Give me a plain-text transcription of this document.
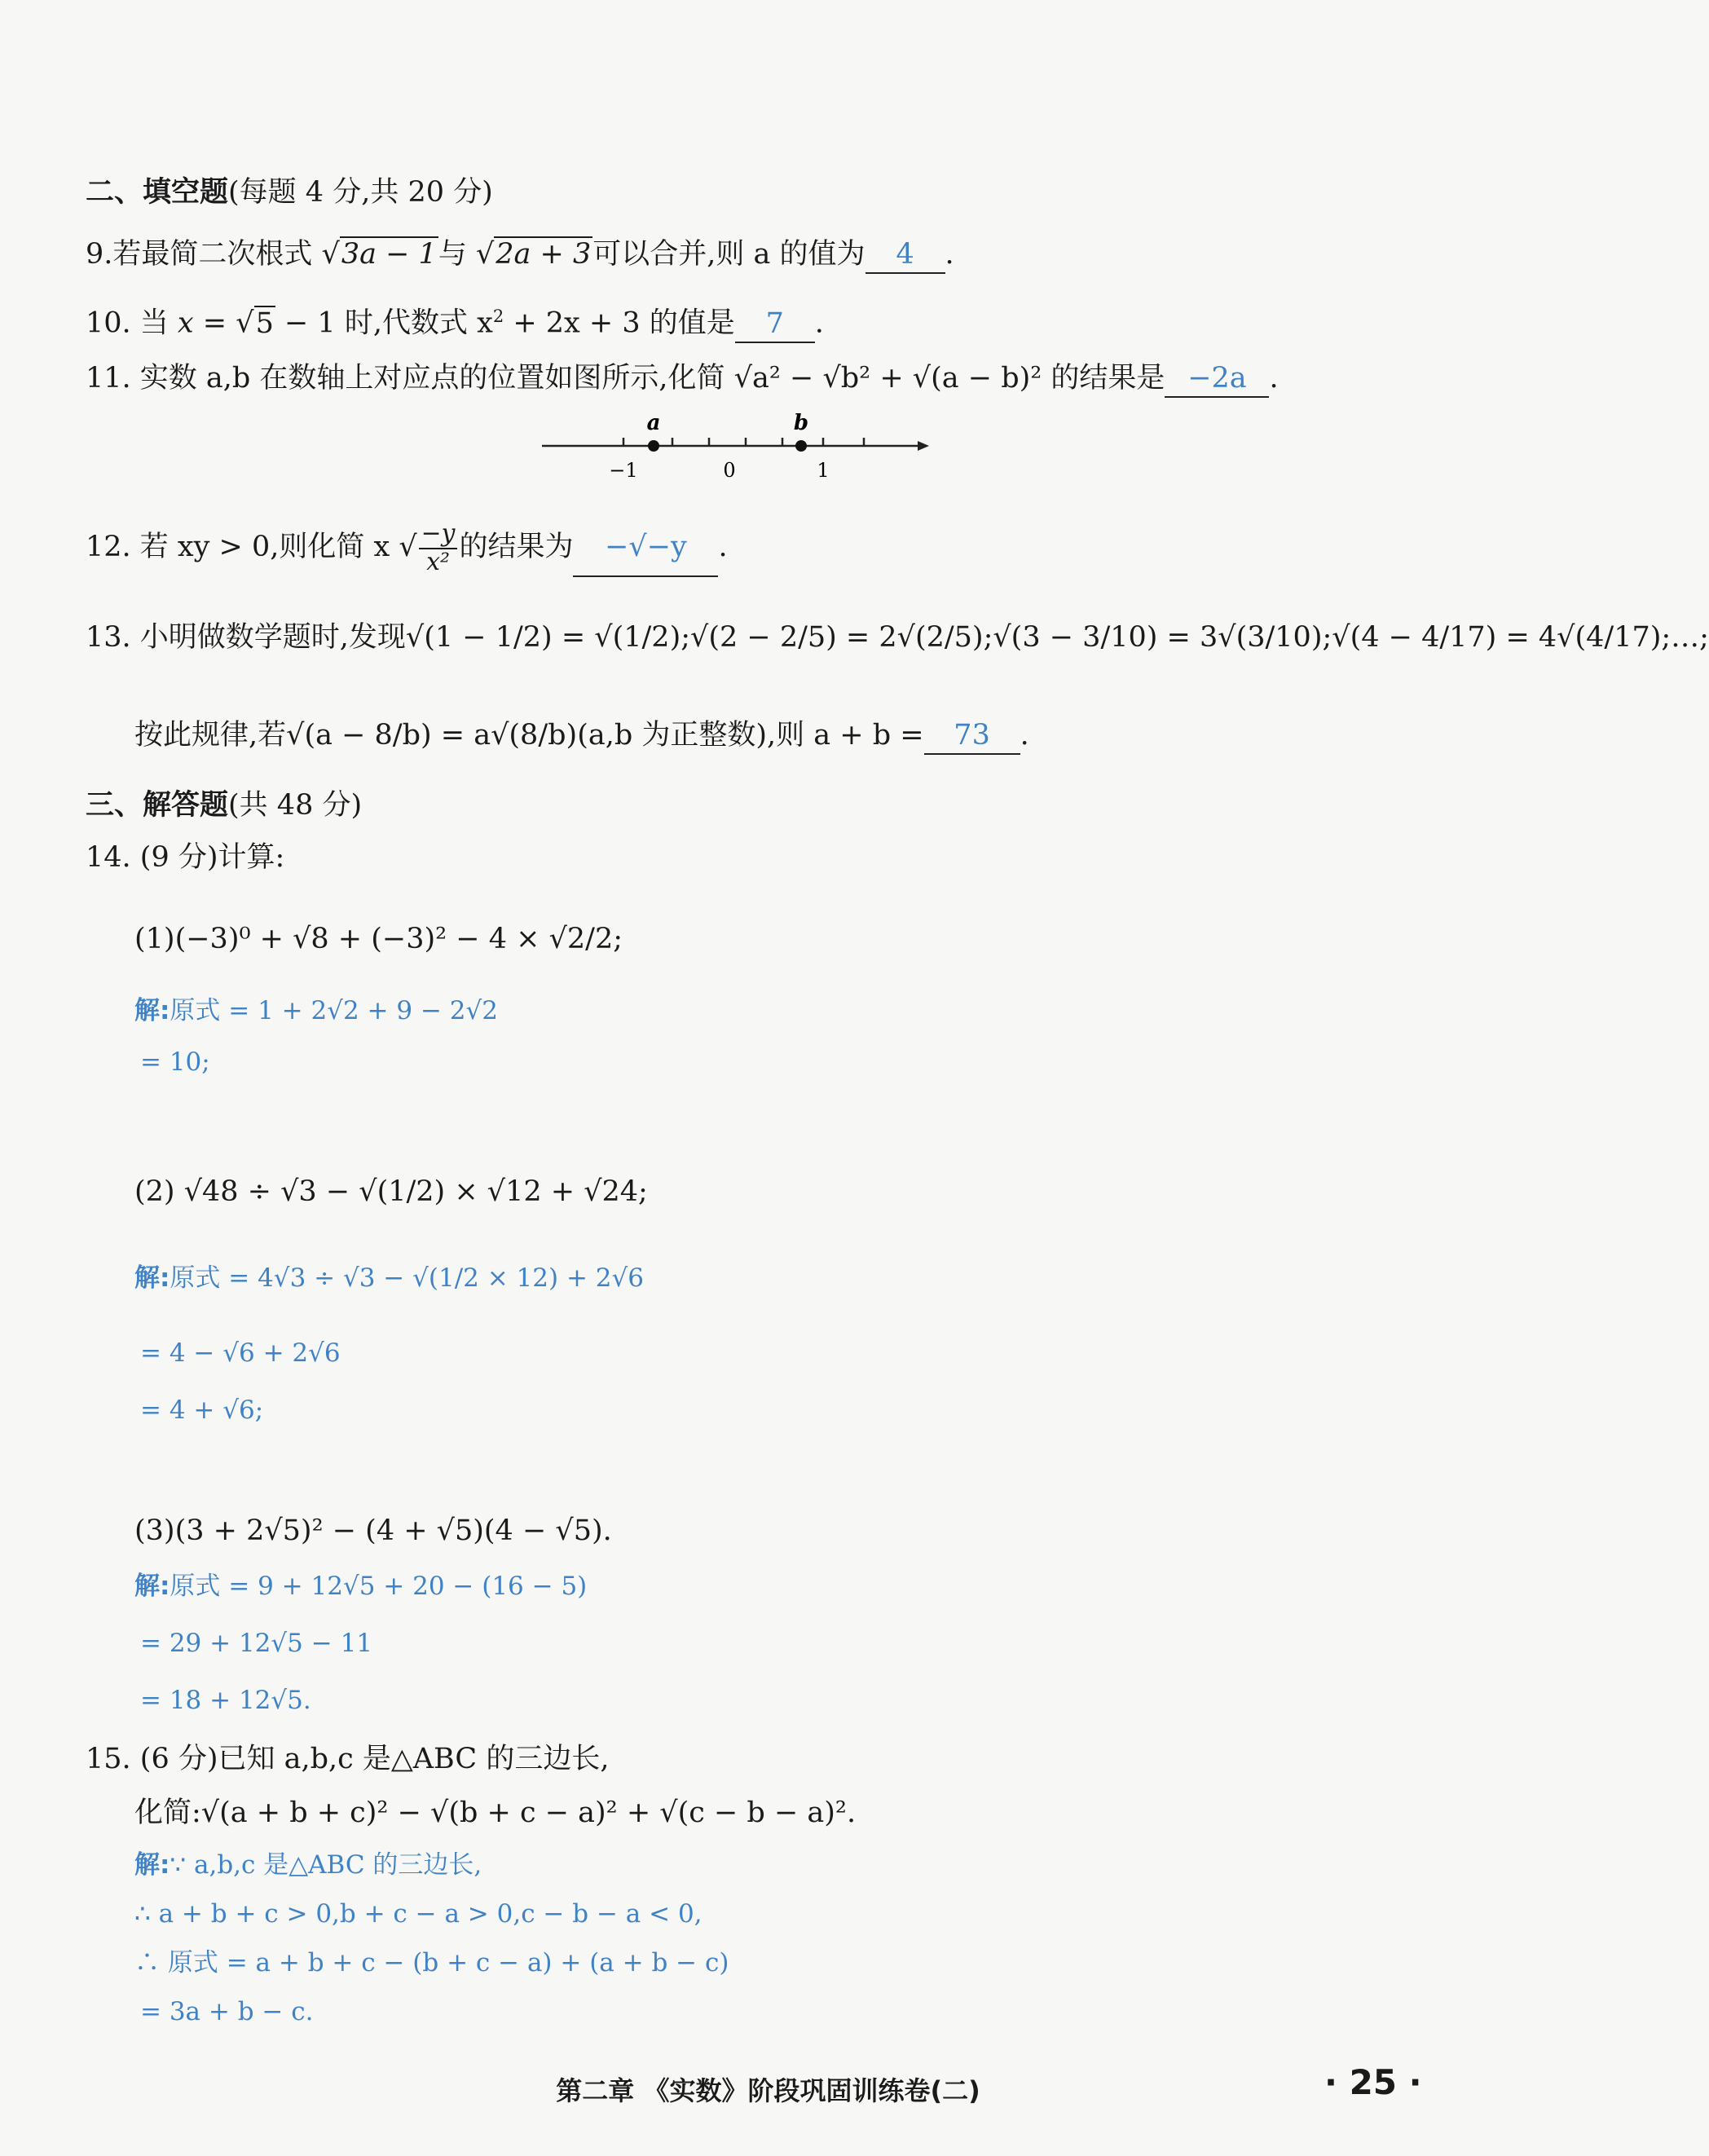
二、填空题(每题 4 分,共 20 分)
9.若最简二次根式 √3a − 1与 √2a + 3可以合并,则 a 的值为 4 .
10. 当 x = √5 − 1 时,代数式 $x^2 + 2x + 3$ 的值是 7 .
11. 实数 a,b 在数轴上对应点的位置如图所示,化简 √a² − √b² + √(a − b)² 的结果是 −2a .
a	b
−1	0	1
12. 若 xy > 0,则化简 x √ $\frac{-y}{\text{x²}}$ 的结果为 −√−y .
13. 小明做数学题时,发现√(1 − 1/2) = √(1/2);√(2 − 2/5) = 2√(2/5);√(3 − 3/10) = 3√(3/10);√(4 − 4/17) = 4√(4/17);…;
按此规律,若√(a − 8/b) = a√(8/b)(a,b 为正整数),则 a + b = 73 .
三、解答题(共 48 分)
14. (9 分)计算:
(1)(−3)⁰ + √8 + (−3)² − 4 × √2/2;
解:原式 = 1 + 2√2 + 9 − 2√2
= 10;
(2) √48 ÷ √3 − √(1/2) × √12 + √24;
解:原式 = 4√3 ÷ √3 − √(1/2 × 12) + 2√6
= 4 − √6 + 2√6
= 4 + √6;
(3)(3 + 2√5)² − (4 + √5)(4 − √5).
解:原式 = 9 + 12√5 + 20 − (16 − 5)
= 29 + 12√5 − 11
= 18 + 12√5.
15. (6 分)已知 a,b,c 是△ABC 的三边长,
化简:√(a + b + c)² − √(b + c − a)² + √(c − b − a)².
解:∵ a,b,c 是△ABC 的三边长,
∴ a + b + c > 0,b + c − a > 0,c − b − a < 0,
∴ 原式 = a + b + c − (b + c − a) + (a + b − c)
= 3a + b − c.
第二章 《实数》阶段巩固训练卷(二)	· 25 ·
